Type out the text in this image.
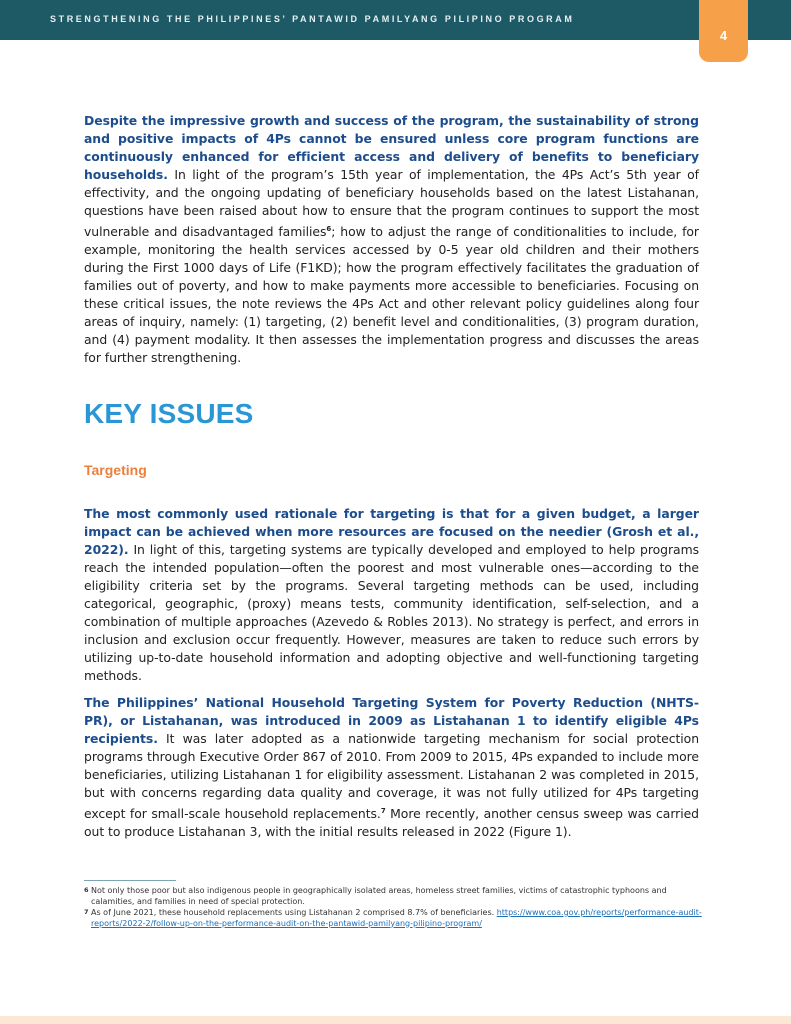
STRENGTHENING THE PHILIPPINES’ PANTAWID PAMILYANG PILIPINO PROGRAM
4

Despite the impressive growth and success of the program, the sustainability of strong and positive impacts of 4Ps cannot be ensured unless core program functions are continuously enhanced for efficient access and delivery of benefits to beneficiary households. In light of the program’s 15th year of implementation, the 4Ps Act’s 5th year of effectivity, and the ongoing updating of beneficiary households based on the latest Listahanan, questions have been raised about how to ensure that the program continues to support the most vulnerable and disadvantaged families$^6$; how to adjust the range of conditionalities to include, for example, monitoring the health services accessed by 0-5 year old children and their mothers during the First 1000 days of Life (F1KD); how the program effectively facilitates the graduation of families out of poverty, and how to make payments more accessible to beneficiaries. Focusing on these critical issues, the note reviews the 4Ps Act and other relevant policy guidelines along four areas of inquiry, namely: (1) targeting, (2) benefit level and conditionalities, (3) program duration, and (4) payment modality. It then assesses the implementation progress and discusses the areas for further strengthening.

KEY ISSUES
Targeting

The most commonly used rationale for targeting is that for a given budget, a larger impact can be achieved when more resources are focused on the needier (Grosh et al., 2022). In light of this, targeting systems are typically developed and employed to help programs reach the intended population—often the poorest and most vulnerable ones—according to the eligibility criteria set by the programs. Several targeting methods can be used, including categorical, geographic, (proxy) means tests, community identification, self-selection, and a combination of multiple approaches (Azevedo & Robles 2013). No strategy is perfect, and errors in inclusion and exclusion occur frequently. However, measures are taken to reduce such errors by utilizing up-to-date household information and adopting objective and well-functioning targeting methods.

The Philippines’ National Household Targeting System for Poverty Reduction (NHTS-PR), or Listahanan, was introduced in 2009 as Listahanan 1 to identify eligible 4Ps recipients. It was later adopted as a nationwide targeting mechanism for social protection programs through Executive Order 867 of 2010. From 2009 to 2015, 4Ps expanded to include more beneficiaries, utilizing Listahanan 1 for eligibility assessment. Listahanan 2 was completed in 2015, but with concerns regarding data quality and coverage, it was not fully utilized for 4Ps targeting except for small-scale household replacements.$^7$ More recently, another census sweep was carried out to produce Listahanan 3, with the initial results released in 2022 (Figure 1).

6 Not only those poor but also indigenous people in geographically isolated areas, homeless street families, victims of catastrophic typhoons and calamities, and families in need of special protection.
7 As of June 2021, these household replacements using Listahanan 2 comprised 8.7% of beneficiaries. https://www.coa.gov.ph/reports/performance-audit-reports/2022-2/follow-up-on-the-performance-audit-on-the-pantawid-pamilyang-pilipino-program/
